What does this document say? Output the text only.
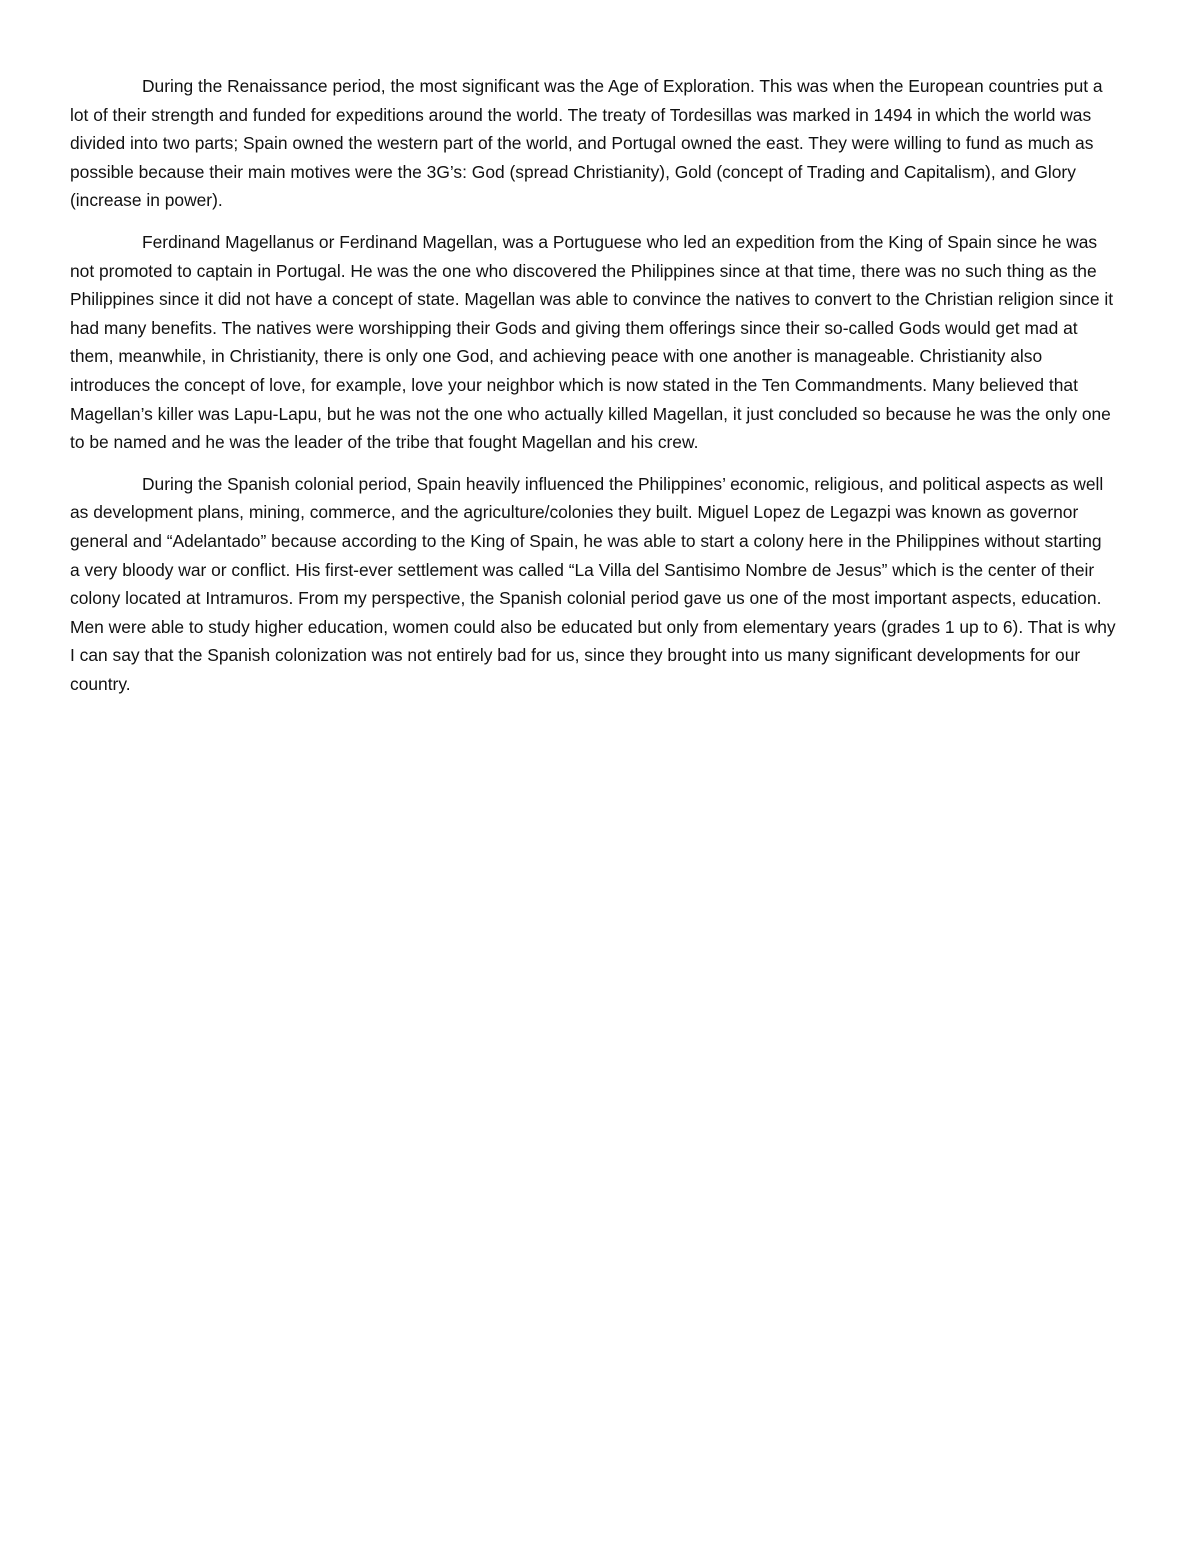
During the Renaissance period, the most significant was the Age of Exploration. This was when the European countries put a lot of their strength and funded for expeditions around the world. The treaty of Tordesillas was marked in 1494 in which the world was divided into two parts; Spain owned the western part of the world, and Portugal owned the east. They were willing to fund as much as possible because their main motives were the 3G’s: God (spread Christianity), Gold (concept of Trading and Capitalism), and Glory (increase in power).

Ferdinand Magellanus or Ferdinand Magellan, was a Portuguese who led an expedition from the King of Spain since he was not promoted to captain in Portugal. He was the one who discovered the Philippines since at that time, there was no such thing as the Philippines since it did not have a concept of state. Magellan was able to convince the natives to convert to the Christian religion since it had many benefits. The natives were worshipping their Gods and giving them offerings since their so-called Gods would get mad at them, meanwhile, in Christianity, there is only one God, and achieving peace with one another is manageable. Christianity also introduces the concept of love, for example, love your neighbor which is now stated in the Ten Commandments. Many believed that Magellan’s killer was Lapu-Lapu, but he was not the one who actually killed Magellan, it just concluded so because he was the only one to be named and he was the leader of the tribe that fought Magellan and his crew.

During the Spanish colonial period, Spain heavily influenced the Philippines’ economic, religious, and political aspects as well as development plans, mining, commerce, and the agriculture/colonies they built. Miguel Lopez de Legazpi was known as governor general and “Adelantado” because according to the King of Spain, he was able to start a colony here in the Philippines without starting a very bloody war or conflict. His first-ever settlement was called “La Villa del Santisimo Nombre de Jesus” which is the center of their colony located at Intramuros. From my perspective, the Spanish colonial period gave us one of the most important aspects, education. Men were able to study higher education, women could also be educated but only from elementary years (grades 1 up to 6). That is why I can say that the Spanish colonization was not entirely bad for us, since they brought into us many significant developments for our country.
